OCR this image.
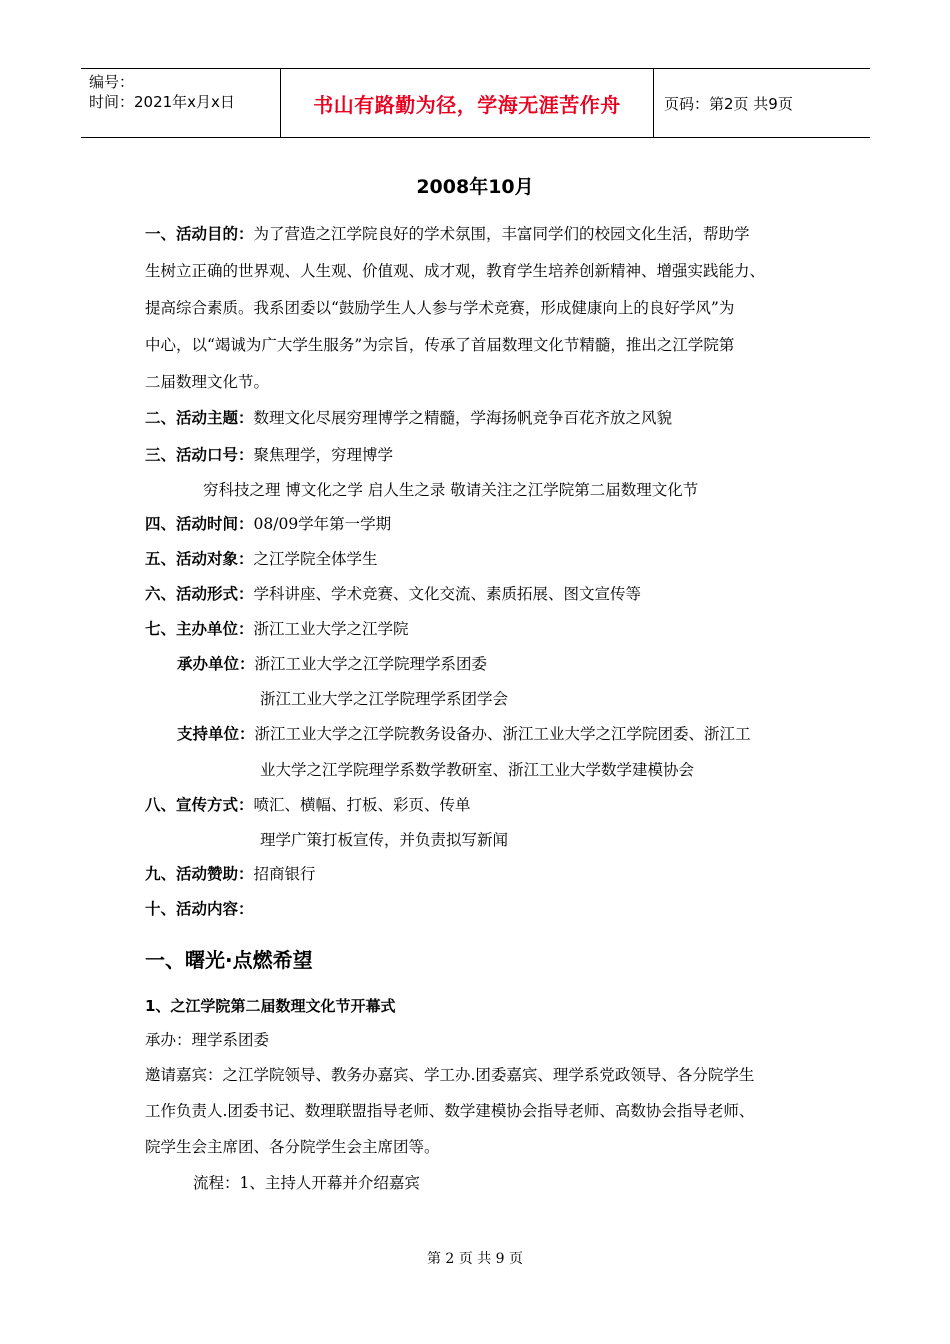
编号：
时间：2021年x月x日	书山有路勤为径，学海无涯苦作舟	页码：第2页 共9页
2008年10月
一、活动目的：为了营造之江学院良好的学术氛围，丰富同学们的校园文化生活，帮助学
生树立正确的世界观、人生观、价值观、成才观，教育学生培养创新精神、增强实践能力、
提高综合素质。我系团委以“鼓励学生人人参与学术竞赛，形成健康向上的良好学风”为
中心，以“竭诚为广大学生服务”为宗旨，传承了首届数理文化节精髓，推出之江学院第
二届数理文化节。
二、活动主题：数理文化尽展穷理博学之精髓，学海扬帆竞争百花齐放之风貌
三、活动口号：聚焦理学，穷理博学
穷科技之理 博文化之学 启人生之录 敬请关注之江学院第二届数理文化节
四、活动时间：08/09学年第一学期
五、活动对象：之江学院全体学生
六、活动形式：学科讲座、学术竞赛、文化交流、素质拓展、图文宣传等
七、主办单位：浙江工业大学之江学院
承办单位：浙江工业大学之江学院理学系团委
浙江工业大学之江学院理学系团学会
支持单位：浙江工业大学之江学院教务设备办、浙江工业大学之江学院团委、浙江工
业大学之江学院理学系数学教研室、浙江工业大学数学建模协会
八、宣传方式：喷汇、横幅、打板、彩页、传单
理学广策打板宣传，并负责拟写新闻
九、活动赞助：招商银行
十、活动内容：
一、曙光·点燃希望
1、之江学院第二届数理文化节开幕式
承办：理学系团委
邀请嘉宾：之江学院领导、教务办嘉宾、学工办.团委嘉宾、理学系党政领导、各分院学生
工作负责人.团委书记、数理联盟指导老师、数学建模协会指导老师、高数协会指导老师、
院学生会主席团、各分院学生会主席团等。
流程：1、主持人开幕并介绍嘉宾
第 2 页 共 9 页
